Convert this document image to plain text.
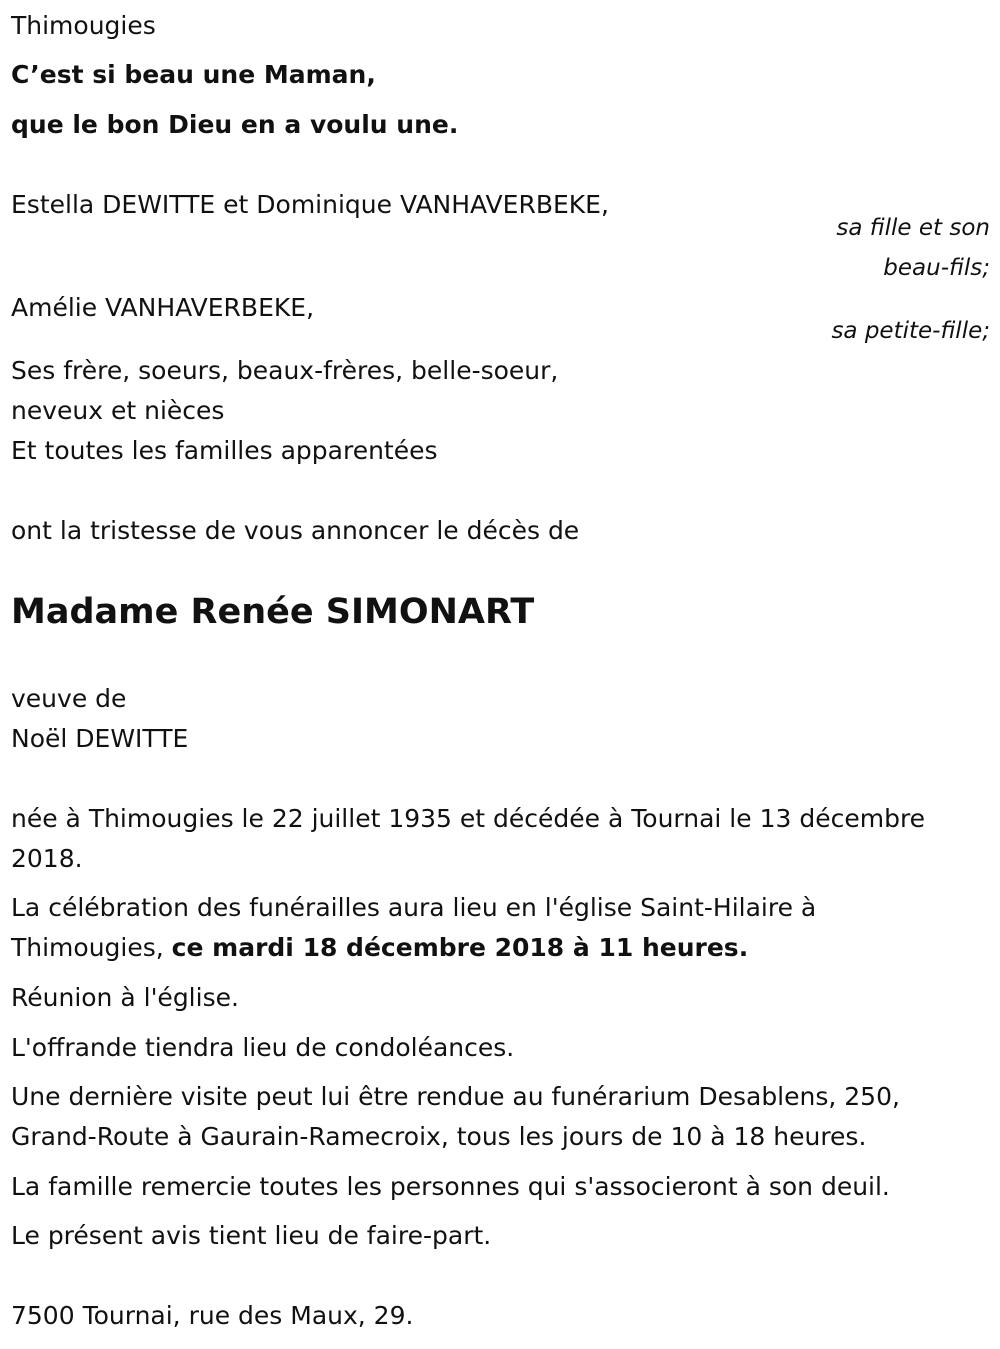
Thimougies
C’est si beau une Maman,
que le bon Dieu en a voulu une.
Estella DEWITTE et Dominique VANHAVERBEKE,
sa fille et son
beau-fils;
Amélie VANHAVERBEKE,
sa petite-fille;
Ses frère, soeurs, beaux-frères, belle-soeur,
neveux et nièces
Et toutes les familles apparentées
ont la tristesse de vous annoncer le décès de
Madame Renée SIMONART
veuve de
Noël DEWITTE
née à Thimougies le 22 juillet 1935 et décédée à Tournai le 13 décembre
2018.
La célébration des funérailles aura lieu en l'église Saint-Hilaire à
Thimougies, ce mardi 18 décembre 2018 à 11 heures.
Réunion à l'église.
L'offrande tiendra lieu de condoléances.
Une dernière visite peut lui être rendue au funérarium Desablens, 250,
Grand-Route à Gaurain-Ramecroix, tous les jours de 10 à 18 heures.
La famille remercie toutes les personnes qui s'associeront à son deuil.
Le présent avis tient lieu de faire-part.
7500 Tournai, rue des Maux, 29.
